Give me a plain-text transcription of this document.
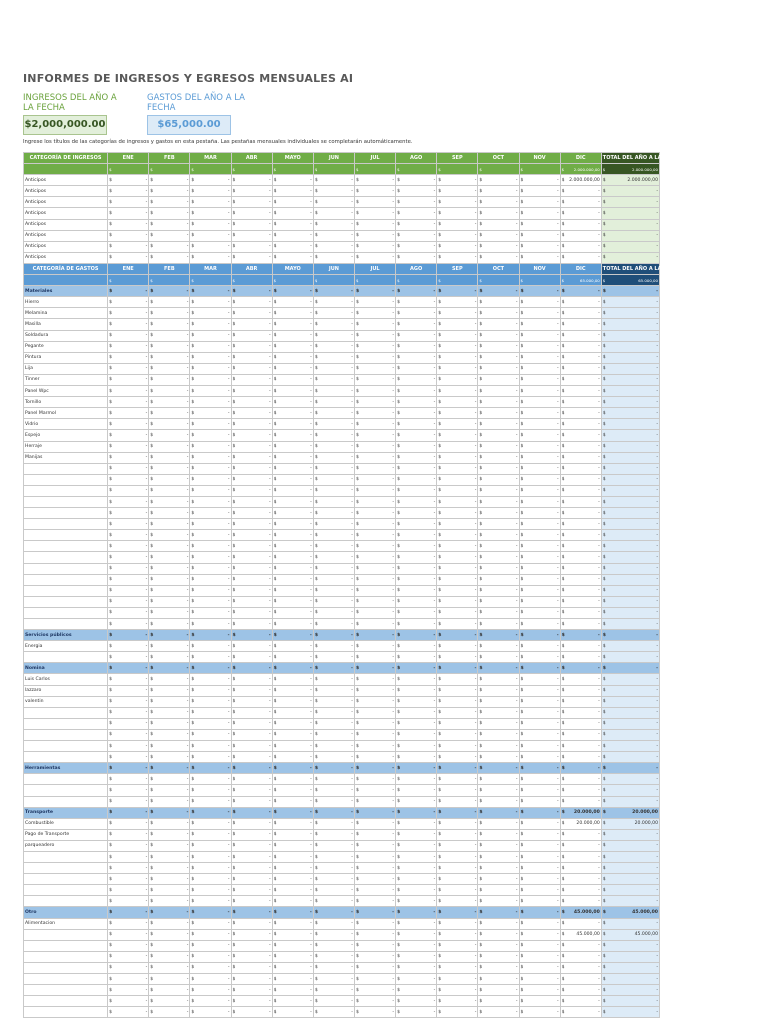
INFORMES DE INGRESOS Y EGRESOS MENSUALES AI
INGRESOS DEL AÑO A LA FECHA
GASTOS DEL AÑO A LA FECHA
$2,000,000.00	$65,000.00
Ingrese los títulos de las categorías de ingresos y gastos en esta pestaña. Las pestañas mensuales individuales se completarán automáticamente.
CATEGORÍA DE INGRESOS	ENE	FEB	MAR	ABR	MAYO	JUN	JUL	AGO	SEP	OCT	NOV	DIC	TOTAL DEL AÑO A LA FECHA

	$	$	$	$	$	$	$	$	$	$	$	$ 2.000.000,00	$ 2.000.000,00

Anticipos	$ -	$ -	$ -	$ -	$ -	$ -	$ -	$ -	$ -	$ -	$ -	$ 2.000.000,00	$ 2.000.000,00

Anticipos	$ -	$ -	$ -	$ -	$ -	$ -	$ -	$ -	$ -	$ -	$ -	$ -	$ -

Anticipos	$ -	$ -	$ -	$ -	$ -	$ -	$ -	$ -	$ -	$ -	$ -	$ -	$ -

Anticipos	$ -	$ -	$ -	$ -	$ -	$ -	$ -	$ -	$ -	$ -	$ -	$ -	$ -

Anticipos	$ -	$ -	$ -	$ -	$ -	$ -	$ -	$ -	$ -	$ -	$ -	$ -	$ -

Anticipos	$ -	$ -	$ -	$ -	$ -	$ -	$ -	$ -	$ -	$ -	$ -	$ -	$ -

Anticipos	$ -	$ -	$ -	$ -	$ -	$ -	$ -	$ -	$ -	$ -	$ -	$ -	$ -

Anticipos	$ -	$ -	$ -	$ -	$ -	$ -	$ -	$ -	$ -	$ -	$ -	$ -	$ -
CATEGORÍA DE GASTOS	ENE	FEB	MAR	ABR	MAYO	JUN	JUL	AGO	SEP	OCT	NOV	DIC	TOTAL DEL AÑO A LA FECHA

	$	$	$	$	$	$	$	$	$	$	$	$ 65.000,00	$ 65.000,00

Materiales	$ -	$ -	$ -	$ -	$ -	$ -	$ -	$ -	$ -	$ -	$ -	$ -	$ -

Hierro	$ -	$ -	$ -	$ -	$ -	$ -	$ -	$ -	$ -	$ -	$ -	$ -	$ -

Melamina	$ -	$ -	$ -	$ -	$ -	$ -	$ -	$ -	$ -	$ -	$ -	$ -	$ -

Masilla	$ -	$ -	$ -	$ -	$ -	$ -	$ -	$ -	$ -	$ -	$ -	$ -	$ -

Soldadura	$ -	$ -	$ -	$ -	$ -	$ -	$ -	$ -	$ -	$ -	$ -	$ -	$ -

Pegante	$ -	$ -	$ -	$ -	$ -	$ -	$ -	$ -	$ -	$ -	$ -	$ -	$ -

Pintura	$ -	$ -	$ -	$ -	$ -	$ -	$ -	$ -	$ -	$ -	$ -	$ -	$ -

Lija	$ -	$ -	$ -	$ -	$ -	$ -	$ -	$ -	$ -	$ -	$ -	$ -	$ -

Tinner	$ -	$ -	$ -	$ -	$ -	$ -	$ -	$ -	$ -	$ -	$ -	$ -	$ -

Panel Wpc	$ -	$ -	$ -	$ -	$ -	$ -	$ -	$ -	$ -	$ -	$ -	$ -	$ -

Tornillo	$ -	$ -	$ -	$ -	$ -	$ -	$ -	$ -	$ -	$ -	$ -	$ -	$ -

Panel Marmol	$ -	$ -	$ -	$ -	$ -	$ -	$ -	$ -	$ -	$ -	$ -	$ -	$ -

Vidrio	$ -	$ -	$ -	$ -	$ -	$ -	$ -	$ -	$ -	$ -	$ -	$ -	$ -

Espejo	$ -	$ -	$ -	$ -	$ -	$ -	$ -	$ -	$ -	$ -	$ -	$ -	$ -

Herraje	$ -	$ -	$ -	$ -	$ -	$ -	$ -	$ -	$ -	$ -	$ -	$ -	$ -

Manijas	$ -	$ -	$ -	$ -	$ -	$ -	$ -	$ -	$ -	$ -	$ -	$ -	$ -

	$ -	$ -	$ -	$ -	$ -	$ -	$ -	$ -	$ -	$ -	$ -	$ -	$ -

	$ -	$ -	$ -	$ -	$ -	$ -	$ -	$ -	$ -	$ -	$ -	$ -	$ -

	$ -	$ -	$ -	$ -	$ -	$ -	$ -	$ -	$ -	$ -	$ -	$ -	$ -

	$ -	$ -	$ -	$ -	$ -	$ -	$ -	$ -	$ -	$ -	$ -	$ -	$ -

	$ -	$ -	$ -	$ -	$ -	$ -	$ -	$ -	$ -	$ -	$ -	$ -	$ -

	$ -	$ -	$ -	$ -	$ -	$ -	$ -	$ -	$ -	$ -	$ -	$ -	$ -

	$ -	$ -	$ -	$ -	$ -	$ -	$ -	$ -	$ -	$ -	$ -	$ -	$ -

	$ -	$ -	$ -	$ -	$ -	$ -	$ -	$ -	$ -	$ -	$ -	$ -	$ -

	$ -	$ -	$ -	$ -	$ -	$ -	$ -	$ -	$ -	$ -	$ -	$ -	$ -

	$ -	$ -	$ -	$ -	$ -	$ -	$ -	$ -	$ -	$ -	$ -	$ -	$ -

	$ -	$ -	$ -	$ -	$ -	$ -	$ -	$ -	$ -	$ -	$ -	$ -	$ -

	$ -	$ -	$ -	$ -	$ -	$ -	$ -	$ -	$ -	$ -	$ -	$ -	$ -

	$ -	$ -	$ -	$ -	$ -	$ -	$ -	$ -	$ -	$ -	$ -	$ -	$ -

	$ -	$ -	$ -	$ -	$ -	$ -	$ -	$ -	$ -	$ -	$ -	$ -	$ -

	$ -	$ -	$ -	$ -	$ -	$ -	$ -	$ -	$ -	$ -	$ -	$ -	$ -

Servicios públicos	$ -	$ -	$ -	$ -	$ -	$ -	$ -	$ -	$ -	$ -	$ -	$ -	$ -

Energia	$ -	$ -	$ -	$ -	$ -	$ -	$ -	$ -	$ -	$ -	$ -	$ -	$ -

	$ -	$ -	$ -	$ -	$ -	$ -	$ -	$ -	$ -	$ -	$ -	$ -	$ -

Nomina	$ -	$ -	$ -	$ -	$ -	$ -	$ -	$ -	$ -	$ -	$ -	$ -	$ -

Luis Carlos	$ -	$ -	$ -	$ -	$ -	$ -	$ -	$ -	$ -	$ -	$ -	$ -	$ -

lazzaro	$ -	$ -	$ -	$ -	$ -	$ -	$ -	$ -	$ -	$ -	$ -	$ -	$ -

valentin	$ -	$ -	$ -	$ -	$ -	$ -	$ -	$ -	$ -	$ -	$ -	$ -	$ -

	$ -	$ -	$ -	$ -	$ -	$ -	$ -	$ -	$ -	$ -	$ -	$ -	$ -

	$ -	$ -	$ -	$ -	$ -	$ -	$ -	$ -	$ -	$ -	$ -	$ -	$ -

	$ -	$ -	$ -	$ -	$ -	$ -	$ -	$ -	$ -	$ -	$ -	$ -	$ -

	$ -	$ -	$ -	$ -	$ -	$ -	$ -	$ -	$ -	$ -	$ -	$ -	$ -

	$ -	$ -	$ -	$ -	$ -	$ -	$ -	$ -	$ -	$ -	$ -	$ -	$ -

Herramientas	$ -	$ -	$ -	$ -	$ -	$ -	$ -	$ -	$ -	$ -	$ -	$ -	$ -

	$ -	$ -	$ -	$ -	$ -	$ -	$ -	$ -	$ -	$ -	$ -	$ -	$ -

	$ -	$ -	$ -	$ -	$ -	$ -	$ -	$ -	$ -	$ -	$ -	$ -	$ -

	$ -	$ -	$ -	$ -	$ -	$ -	$ -	$ -	$ -	$ -	$ -	$ -	$ -

Transporte	$ -	$ -	$ -	$ -	$ -	$ -	$ -	$ -	$ -	$ -	$ -	$ 20.000,00	$ 20.000,00

Combustible	$ -	$ -	$ -	$ -	$ -	$ -	$ -	$ -	$ -	$ -	$ -	$ 20.000,00	$ 20.000,00

Pago de Transporte	$ -	$ -	$ -	$ -	$ -	$ -	$ -	$ -	$ -	$ -	$ -	$ -	$ -

parqueadero	$ -	$ -	$ -	$ -	$ -	$ -	$ -	$ -	$ -	$ -	$ -	$ -	$ -

	$ -	$ -	$ -	$ -	$ -	$ -	$ -	$ -	$ -	$ -	$ -	$ -	$ -

	$ -	$ -	$ -	$ -	$ -	$ -	$ -	$ -	$ -	$ -	$ -	$ -	$ -

	$ -	$ -	$ -	$ -	$ -	$ -	$ -	$ -	$ -	$ -	$ -	$ -	$ -

	$ -	$ -	$ -	$ -	$ -	$ -	$ -	$ -	$ -	$ -	$ -	$ -	$ -

	$ -	$ -	$ -	$ -	$ -	$ -	$ -	$ -	$ -	$ -	$ -	$ -	$ -

Otro	$ -	$ -	$ -	$ -	$ -	$ -	$ -	$ -	$ -	$ -	$ -	$ 45.000,00	$ 45.000,00

Alimentacion	$ -	$ -	$ -	$ -	$ -	$ -	$ -	$ -	$ -	$ -	$ -	$ -	$ -

	$ -	$ -	$ -	$ -	$ -	$ -	$ -	$ -	$ -	$ -	$ -	$ 45.000,00	$ 45.000,00

	$ -	$ -	$ -	$ -	$ -	$ -	$ -	$ -	$ -	$ -	$ -	$ -	$ -

	$ -	$ -	$ -	$ -	$ -	$ -	$ -	$ -	$ -	$ -	$ -	$ -	$ -

	$ -	$ -	$ -	$ -	$ -	$ -	$ -	$ -	$ -	$ -	$ -	$ -	$ -

	$ -	$ -	$ -	$ -	$ -	$ -	$ -	$ -	$ -	$ -	$ -	$ -	$ -

	$ -	$ -	$ -	$ -	$ -	$ -	$ -	$ -	$ -	$ -	$ -	$ -	$ -

	$ -	$ -	$ -	$ -	$ -	$ -	$ -	$ -	$ -	$ -	$ -	$ -	$ -

	$ -	$ -	$ -	$ -	$ -	$ -	$ -	$ -	$ -	$ -	$ -	$ -	$ -
